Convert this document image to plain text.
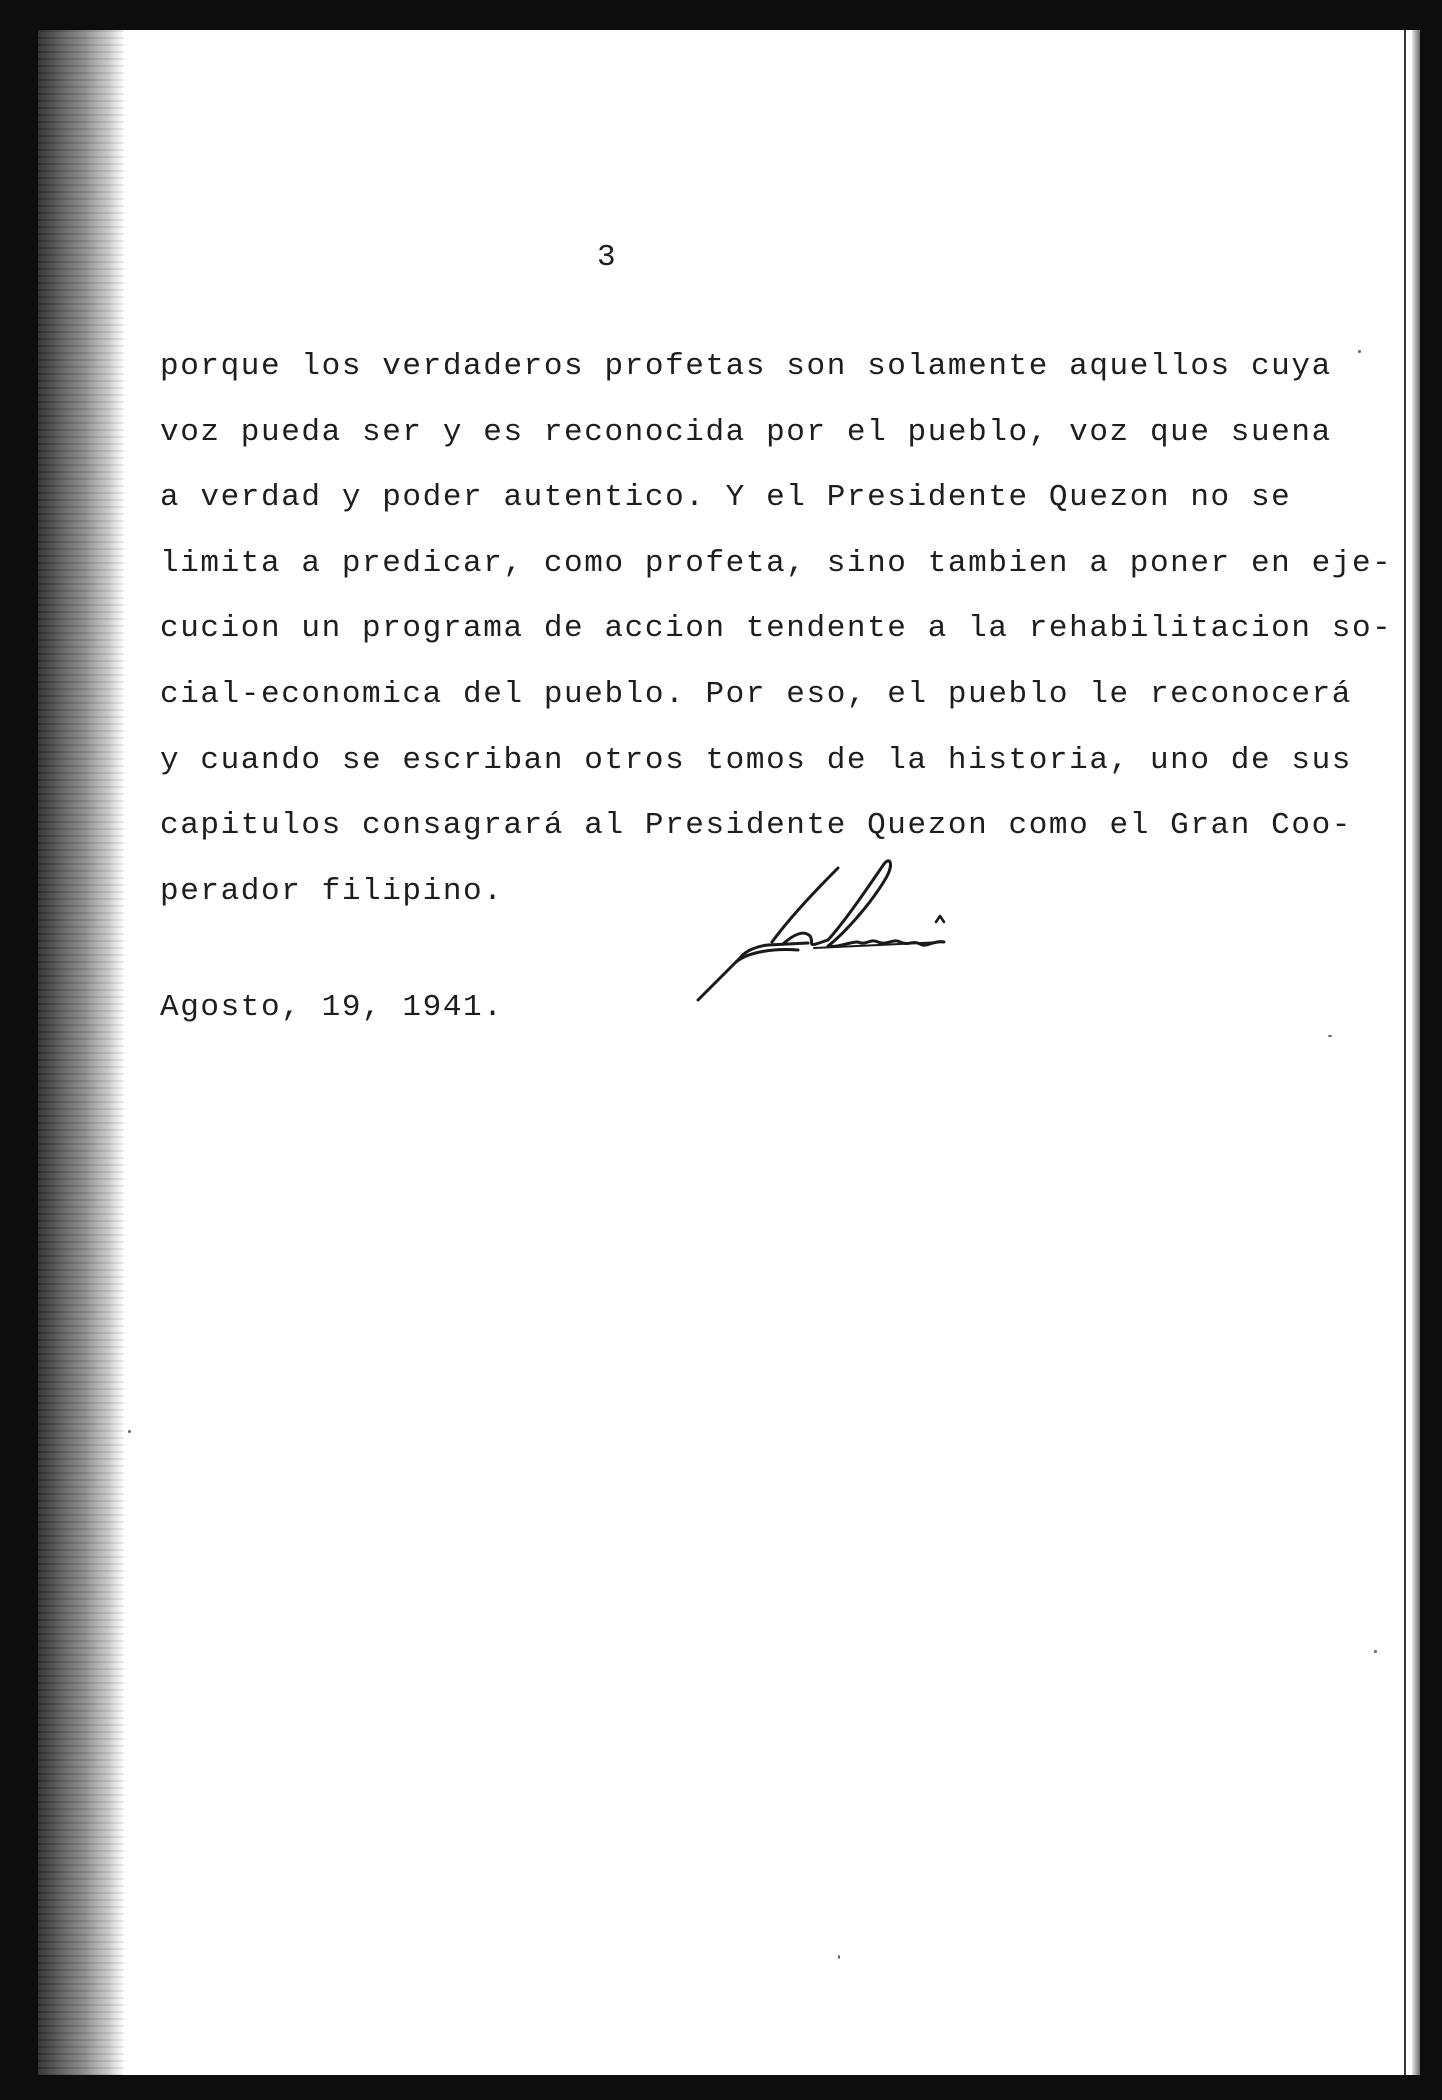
3
porque los verdaderos profetas son solamente aquellos cuya
voz pueda ser y es reconocida por el pueblo, voz que suena
a verdad y poder autentico. Y el Presidente Quezon no se
limita a predicar, como profeta, sino tambien a poner en eje-
cucion un programa de accion tendente a la rehabilitacion so-
cial-economica del pueblo. Por eso, el pueblo le reconocerá
y cuando se escriban otros tomos de la historia, uno de sus
capitulos consagrará al Presidente Quezon como el Gran Coo-
perador filipino.
Agosto, 19, 1941.
